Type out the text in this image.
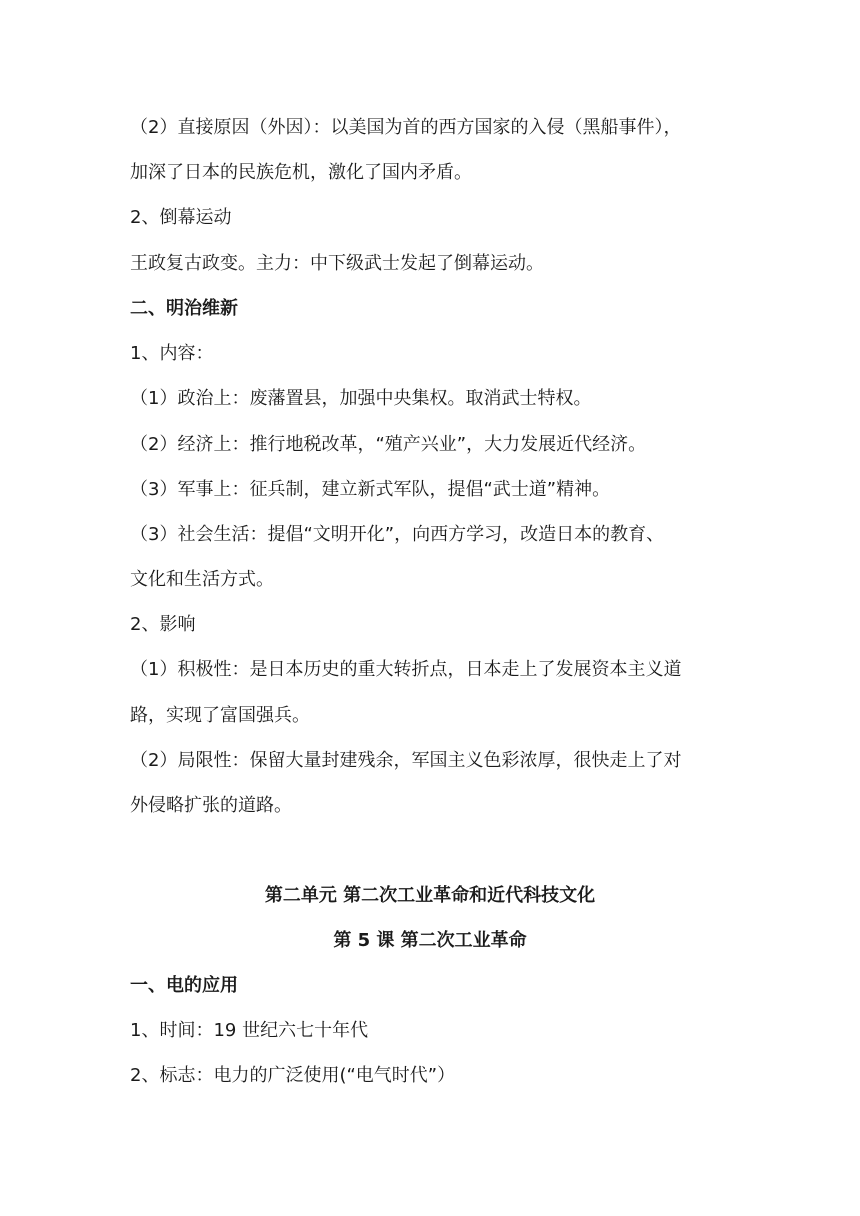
（2）直接原因（外因）：以美国为首的西方国家的入侵（黑船事件），
加深了日本的民族危机，激化了国内矛盾。
2、倒幕运动
王政复古政变。主力：中下级武士发起了倒幕运动。
二、明治维新
1、内容：
（1）政治上：废藩置县，加强中央集权。取消武士特权。
（2）经济上：推行地税改革，“殖产兴业”，大力发展近代经济。
（3）军事上：征兵制，建立新式军队，提倡“武士道”精神。
（3）社会生活：提倡“文明开化”，向西方学习，改造日本的教育、
文化和生活方式。
2、影响
（1）积极性：是日本历史的重大转折点，日本走上了发展资本主义道
路，实现了富国强兵。
（2）局限性：保留大量封建残余，军国主义色彩浓厚，很快走上了对
外侵略扩张的道路。
第二单元 第二次工业革命和近代科技文化
第 5 课 第二次工业革命
一、电的应用
1、时间：19 世纪六七十年代
2、标志：电力的广泛使用(“电气时代”）
